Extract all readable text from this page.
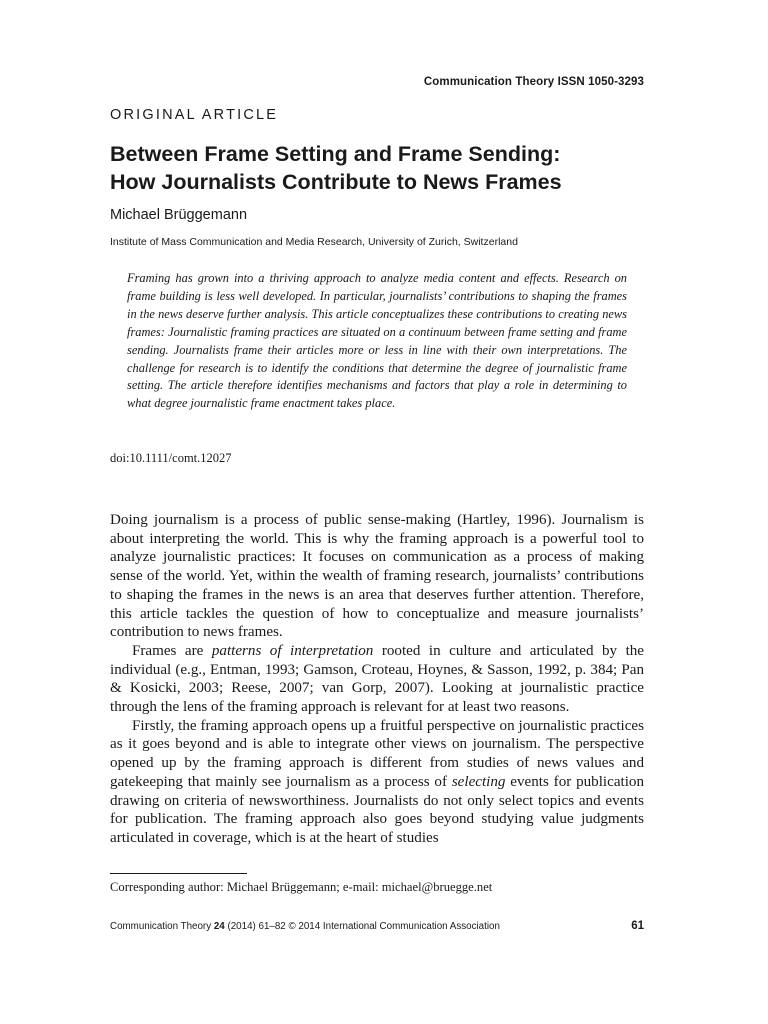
Communication Theory ISSN 1050-3293
ORIGINAL ARTICLE
Between Frame Setting and Frame Sending:
How Journalists Contribute to News Frames
Michael Brüggemann
Institute of Mass Communication and Media Research, University of Zurich, Switzerland
Framing has grown into a thriving approach to analyze media content and effects. Research on frame building is less well developed. In particular, journalists’ contributions to shaping the frames in the news deserve further analysis. This article conceptualizes these contributions to creating news frames: Journalistic framing practices are situated on a continuum between frame setting and frame sending. Journalists frame their articles more or less in line with their own interpretations. The challenge for research is to identify the conditions that determine the degree of journalistic frame setting. The article therefore identifies mechanisms and factors that play a role in determining to what degree journalistic frame enactment takes place.
doi:10.1111/comt.12027

Doing journalism is a process of public sense-making (Hartley, 1996). Journalism is about interpreting the world. This is why the framing approach is a powerful tool to analyze journalistic practices: It focuses on communication as a process of making sense of the world. Yet, within the wealth of framing research, journalists’ contributions to shaping the frames in the news is an area that deserves further attention. Therefore, this article tackles the question of how to conceptualize and measure journalists’ contribution to news frames.

Frames are patterns of interpretation rooted in culture and articulated by the individual (e.g., Entman, 1993; Gamson, Croteau, Hoynes, & Sasson, 1992, p. 384; Pan & Kosicki, 2003; Reese, 2007; van Gorp, 2007). Looking at journalistic practice through the lens of the framing approach is relevant for at least two reasons.

Firstly, the framing approach opens up a fruitful perspective on journalistic practices as it goes beyond and is able to integrate other views on journalism. The perspective opened up by the framing approach is different from studies of news values and gatekeeping that mainly see journalism as a process of selecting events for publication drawing on criteria of newsworthiness. Journalists do not only select topics and events for publication. The framing approach also goes beyond studying value judgments articulated in coverage, which is at the heart of studies

Corresponding author: Michael Brüggemann; e-mail: michael@bruegge.net
Communication Theory 24 (2014) 61–82 © 2014 International Communication Association	61
